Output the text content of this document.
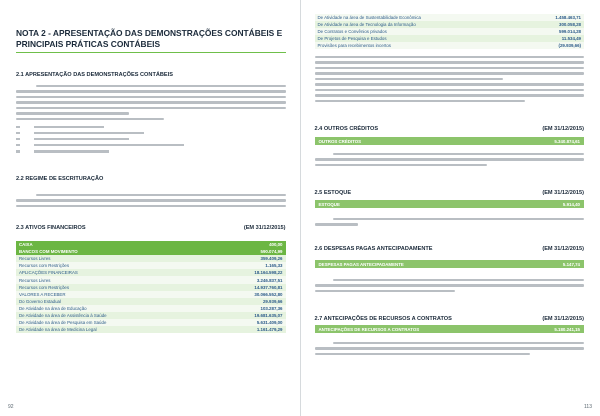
NOTA 2 - APRESENTAÇÃO DAS DEMONSTRAÇÕES CONTÁBEIS E
PRINCIPAIS PRÁTICAS CONTÁBEIS
2.1 APRESENTAÇÃO DAS DEMONSTRAÇÕES CONTÁBEIS
2.2 REGIME DE ESCRITURAÇÃO
2.3 ATIVOS FINANCEIROS	(EM 31/12/2015)
CAIXA	400,00
BANCOS COM MOVIMENTO	590.074,99
Recursos Livres	359.409,26
Recursos com Restrições	1.165,33
APLICAÇÕES FINANCEIRAS	18.164.598,22
Recursos Livres	3.246.837,51
Recursos com Restrições	14.937.760,81
VALORES A RECEBER	30.066.552,80
Do Governo Estadual	29.939,66
De Atividade na área de Educação	103.287,36
De Atividade na área de Assistência à Saúde	19.681.635,07
De Atividade na área de Pesquisa em Saúde	5.631.409,00
De Atividade na área de Medicina Legal	1.161.479,29
92
De Atividade na área de Sustentabilidade Econômica	1.458.463,71
De Atividade na área de Tecnologia da Informação	300.058,28
De Contratos e Convênios privados	599.014,28
De Projetos de Pesquisa e Estudos	11.534,49
Provisões para recebimentos incertos	(29.939,66)
2.4 OUTROS CRÉDITOS	(EM 31/12/2015)
OUTROS CRÉDITOS	5.340.874,61
2.5 ESTOQUE	(EM 31/12/2015)
ESTOQUE	5.914,40
2.6 DESPESAS PAGAS ANTECIPADAMENTE	(EM 31/12/2015)
DESPESAS PAGAS ANTECIPADAMENTE	5.147,74
2.7 ANTECIPAÇÕES DE RECURSOS A CONTRATOS	(EM 31/12/2015)
ANTECIPAÇÕES DE RECURSOS A CONTRATOS	5.180.241,15
113
